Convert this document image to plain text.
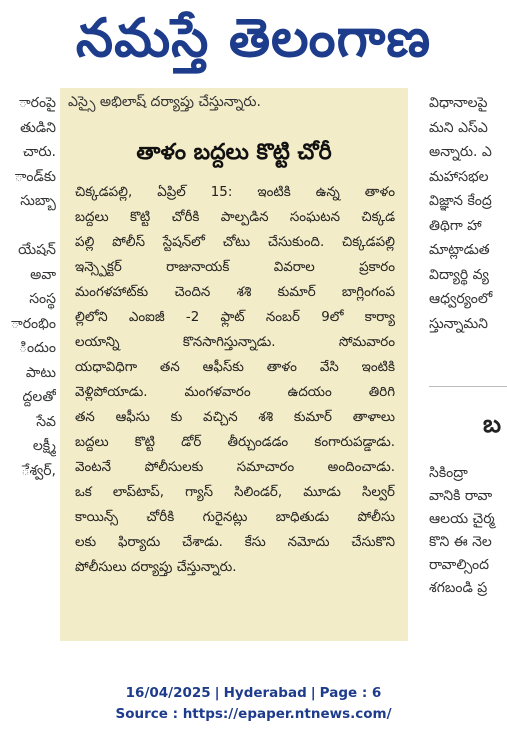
నమస్తే తెలంగాణ
ారంపై
తుడిని
చారు.
ాండ్‌కు
సుబ్బా
యేషన్
అవా
సంస్థ
ారంభిం
ిందుం
పాటు
ద్దలతో
సేవ
లక్ష్మీ
ేశ్వర్,
బ
విధానాలపై
మని ఎస్ఎ
అన్నారు. ఎ
మహాసభల
విజ్ఞాన కేంద్ర
తిథిగా హా
మాట్లాడుత
విద్యార్థి వ్య
ఆధ్వర్యంలో
స్తున్నామని
సికింద్రా
వానికి రావా
ఆలయ చైర్మ
కొని ఈ నెల
రావాల్సింద
శగబండి ప్ర
ఎస్సై అభిలాష్ దర్యాప్తు చేస్తున్నారు.
తాళం బద్దలు కొట్టి చోరీ
చిక్కడపల్లి, ఏప్రిల్ 15: ఇంటికి ఉన్న తాళం
బద్దలు కొట్టి చోరీకి పాల్పడిన సంఘటన చిక్కడ
పల్లి పోలీస్ స్టేషన్‌లో చోటు చేసుకుంది. చిక్కడపల్లి
ఇన్స్పెక్టర్ రాజునాయక్ వివరాల ప్రకారం
మంగళహాట్‌కు చెందిన శశి కుమార్ బాగ్లింగంప
ల్లిలోని ఎంఐజీ -2 ఫ్లాట్ నంబర్ 9లో కార్యా
లయాన్ని కొనసాగిస్తున్నాడు. సోమవారం
యధావిధిగా తన ఆఫీస్‌కు తాళం వేసి ఇంటికి
వెళ్లిపోయాడు. మంగళవారం ఉదయం తిరిగి
తన ఆఫీసు కు వచ్చిన శశి కుమార్ తాళాలు
బద్దలు కొట్టి డోర్ తీర్చుండడం కంగారుపడ్డాడు.
వెంటనే పోలీసులకు సమాచారం అందించాడు.
ఒక లాప్‌టాప్, గ్యాస్ సిలిండర్, మూడు సిల్వర్
కాయిన్స్ చోరీకి గురైనట్లు బాధితుడు పోలీసు
లకు ఫిర్యాదు చేశాడు. కేసు నమోదు చేసుకొని
పోలీసులు దర్యాప్తు చేస్తున్నారు.
16/04/2025 | Hyderabad | Page : 6
Source : https://epaper.ntnews.com/
